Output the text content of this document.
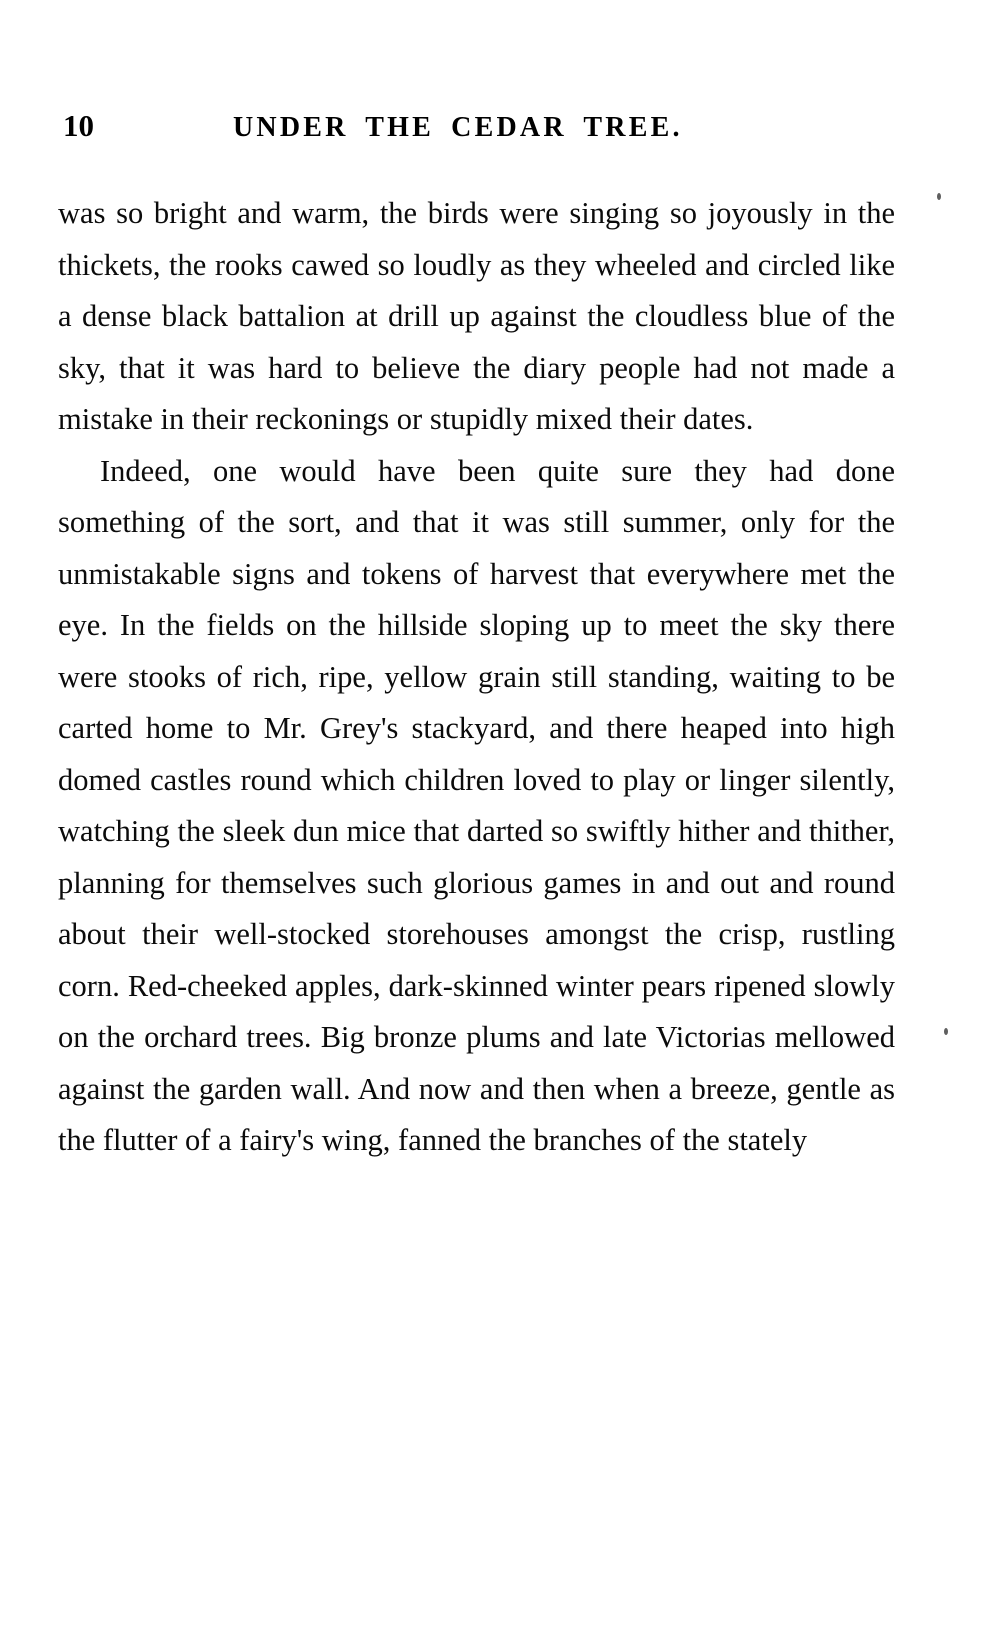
10	UNDER THE CEDAR TREE.

was so bright and warm, the birds were singing so joyously in the thickets, the rooks cawed so loudly as they wheeled and circled like a dense black battalion at drill up against the cloudless blue of the sky, that it was hard to believe the diary people had not made a mistake in their reckonings or stupidly mixed their dates.

Indeed, one would have been quite sure they had done something of the sort, and that it was still summer, only for the unmistakable signs and tokens of harvest that everywhere met the eye. In the fields on the hillside sloping up to meet the sky there were stooks of rich, ripe, yellow grain still standing, waiting to be carted home to Mr. Grey's stackyard, and there heaped into high domed castles round which children loved to play or linger silently, watching the sleek dun mice that darted so swiftly hither and thither, planning for themselves such glorious games in and out and round about their well-stocked storehouses amongst the crisp, rustling corn. Red-cheeked apples, dark-skinned winter pears ripened slowly on the orchard trees. Big bronze plums and late Victorias mellowed against the garden wall. And now and then when a breeze, gentle as the flutter of a fairy's wing, fanned the branches of the stately
